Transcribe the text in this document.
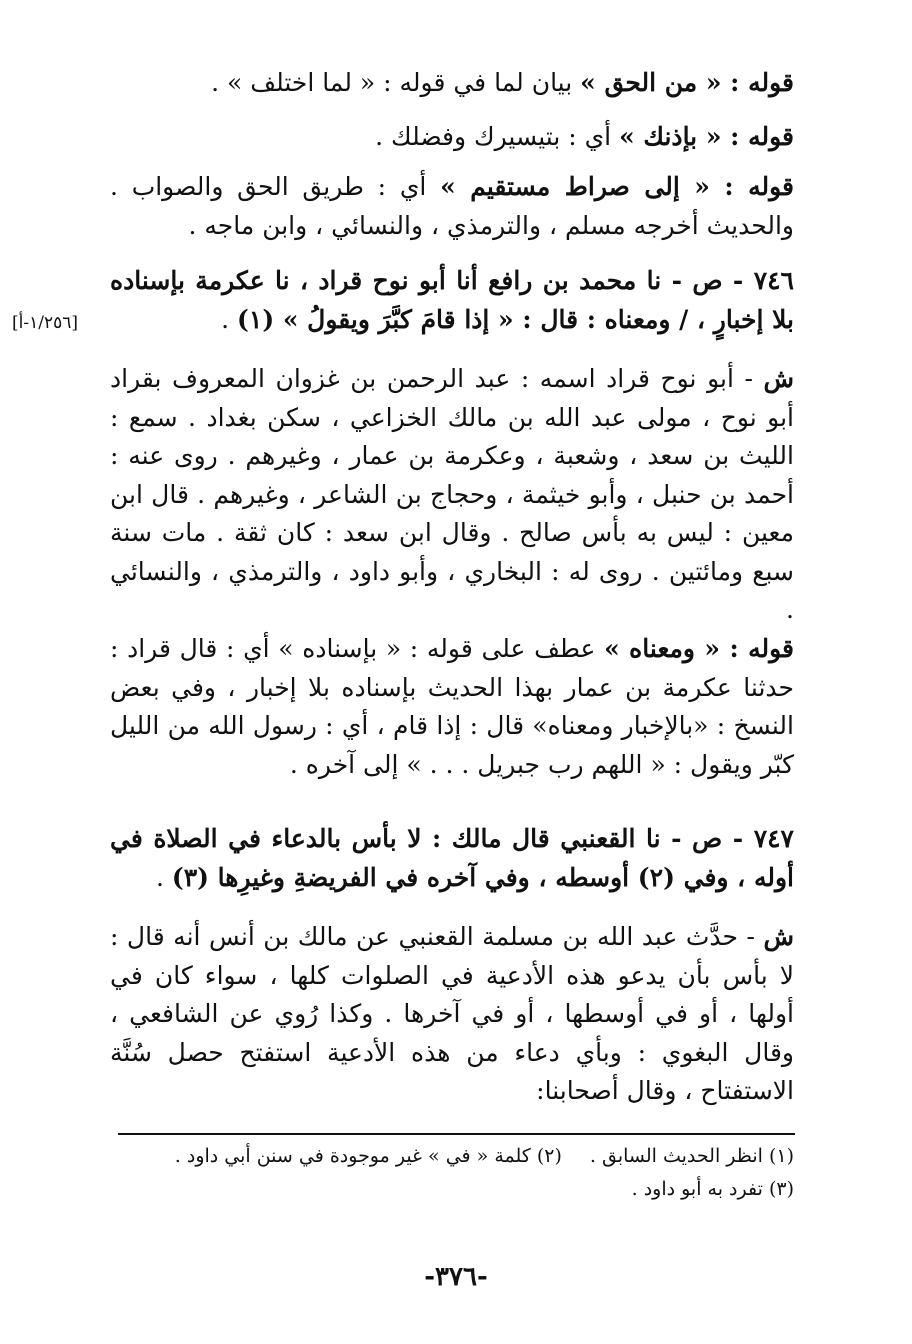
قوله : « من الحق » بيان لما في قوله : « لما اختلف » .
قوله : « بإذنك » أي : بتيسيرك وفضلك .
قوله : « إلى صراط مستقيم » أي : طريق الحق والصواب . والحديث أخرجه مسلم ، والترمذي ، والنسائي ، وابن ماجه .
٧٤٦ - ص - نا محمد بن رافع أنا أبو نوح قراد ، نا عكرمة بإسناده بلا إخبارٍ ، / ومعناه : قال : « إذا قامَ كبَّرَ ويقولُ » (١) .
[١/٢٥٦-أ]
ش - أبو نوح قراد اسمه : عبد الرحمن بن غزوان المعروف بقراد أبو نوح ، مولى عبد الله بن مالك الخزاعي ، سكن بغداد . سمع : الليث بن سعد ، وشعبة ، وعكرمة بن عمار ، وغيرهم . روى عنه : أحمد بن حنبل ، وأبو خيثمة ، وحجاج بن الشاعر ، وغيرهم . قال ابن معين : ليس به بأس صالح . وقال ابن سعد : كان ثقة . مات سنة سبع ومائتين . روى له : البخاري ، وأبو داود ، والترمذي ، والنسائي .
قوله : « ومعناه » عطف على قوله : « بإسناده » أي : قال قراد : حدثنا عكرمة بن عمار بهذا الحديث بإسناده بلا إخبار ، وفي بعض النسخ : «بالإخبار ومعناه» قال : إذا قام ، أي : رسول الله من الليل كبّر ويقول : « اللهم رب جبريل . . . » إلى آخره .
٧٤٧ - ص - نا القعنبي قال مالك : لا بأس بالدعاء في الصلاة في أوله ، وفي (٢) أوسطه ، وفي آخره في الفريضةِ وغيرِها (٣) .
ش - حدَّث عبد الله بن مسلمة القعنبي عن مالك بن أنس أنه قال : لا بأس بأن يدعو هذه الأدعية في الصلوات كلها ، سواء كان في أولها ، أو في أوسطها ، أو في آخرها . وكذا رُوي عن الشافعي ، وقال البغوي : وبأي دعاء من هذه الأدعية استفتح حصل سُنَّة الاستفتاح ، وقال أصحابنا:
(١) انظر الحديث السابق .
(٢) كلمة « في » غير موجودة في سنن أبي داود .
(٣) تفرد به أبو داود .
-٣٧٦-
